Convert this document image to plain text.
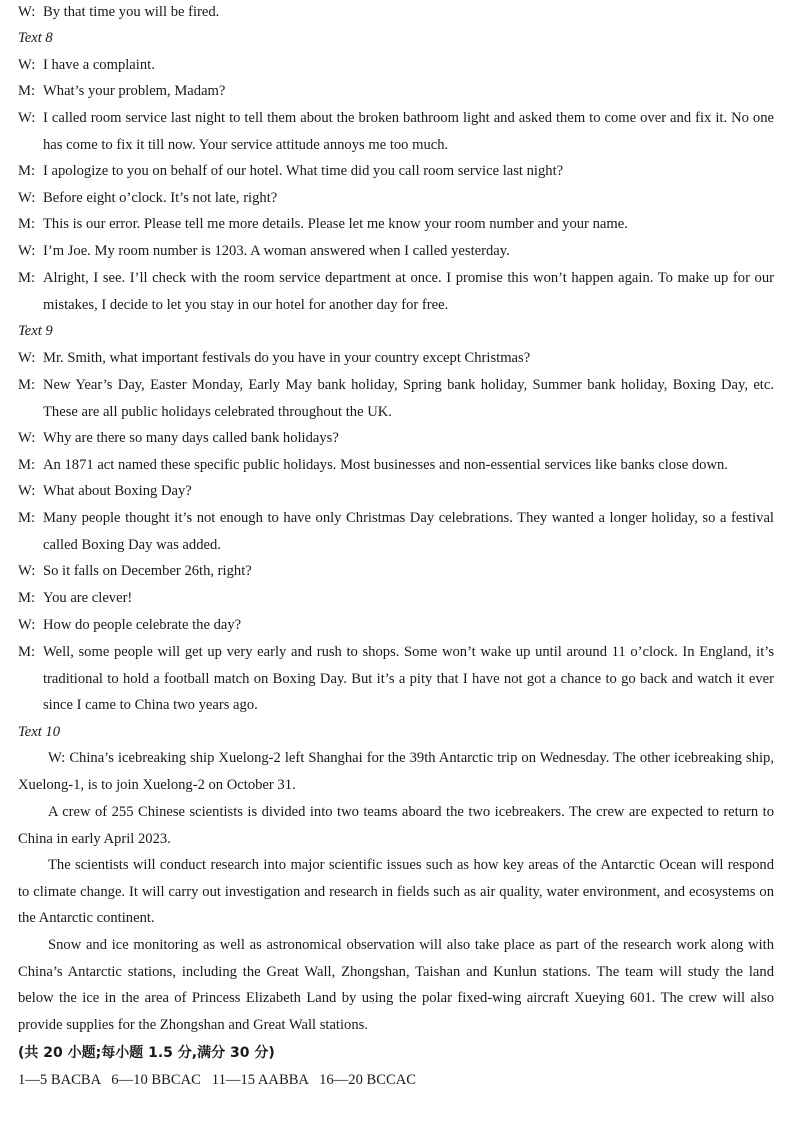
W: By that time you will be fired.
Text 8
W: I have a complaint.
M: What’s your problem, Madam?
W: I called room service last night to tell them about the broken bathroom light and asked them to come over and fix it. No one has come to fix it till now. Your service attitude annoys me too much.
M: I apologize to you on behalf of our hotel. What time did you call room service last night?
W: Before eight o’clock. It’s not late, right?
M: This is our error. Please tell me more details. Please let me know your room number and your name.
W: I’m Joe. My room number is 1203. A woman answered when I called yesterday.
M: Alright, I see. I’ll check with the room service department at once. I promise this won’t happen again. To make up for our mistakes, I decide to let you stay in our hotel for another day for free.
Text 9
W: Mr. Smith, what important festivals do you have in your country except Christmas?
M: New Year’s Day, Easter Monday, Early May bank holiday, Spring bank holiday, Summer bank holiday, Boxing Day, etc. These are all public holidays celebrated throughout the UK.
W: Why are there so many days called bank holidays?
M: An 1871 act named these specific public holidays. Most businesses and non-essential services like banks close down.
W: What about Boxing Day?
M: Many people thought it’s not enough to have only Christmas Day celebrations. They wanted a longer holiday, so a festival called Boxing Day was added.
W: So it falls on December 26th, right?
M: You are clever!
W: How do people celebrate the day?
M: Well, some people will get up very early and rush to shops. Some won’t wake up until around 11 o’clock. In England, it’s traditional to hold a football match on Boxing Day. But it’s a pity that I have not got a chance to go back and watch it ever since I came to China two years ago.
Text 10
W: China’s icebreaking ship Xuelong-2 left Shanghai for the 39th Antarctic trip on Wednesday. The other icebreaking ship, Xuelong-1, is to join Xuelong-2 on October 31.
A crew of 255 Chinese scientists is divided into two teams aboard the two icebreakers. The crew are expected to return to China in early April 2023.
The scientists will conduct research into major scientific issues such as how key areas of the Antarctic Ocean will respond to climate change. It will carry out investigation and research in fields such as air quality, water environment, and ecosystems on the Antarctic continent.
Snow and ice monitoring as well as astronomical observation will also take place as part of the research work along with China’s Antarctic stations, including the Great Wall, Zhongshan, Taishan and Kunlun stations. The team will study the land below the ice in the area of Princess Elizabeth Land by using the polar fixed-wing aircraft Xueying 601. The crew will also provide supplies for the Zhongshan and Great Wall stations.
(共 20 小题;每小题 1.5 分,满分 30 分)
1—5 BACBA   6—10 BBCAC   11—15 AABBA   16—20 BCCAC
